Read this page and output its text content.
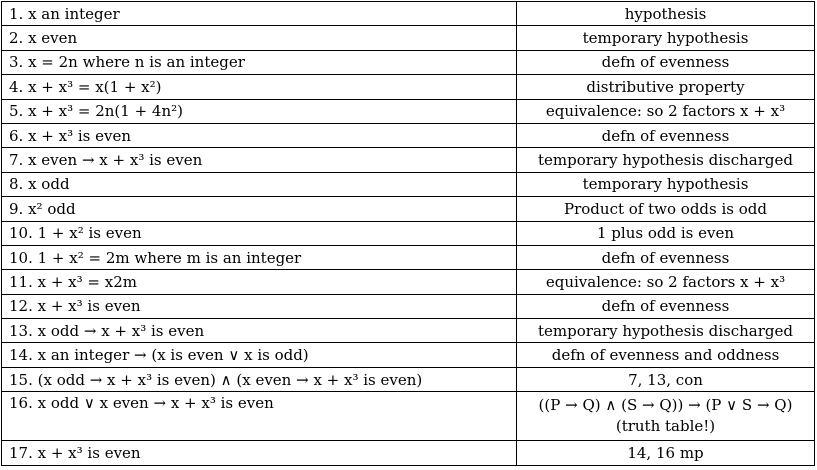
1. x an integer	hypothesis
2. x even	temporary hypothesis
3. x = 2n where n is an integer	defn of evenness
4. x + x³ = x(1 + x²)	distributive property
5. x + x³ = 2n(1 + 4n²)	equivalence: so 2 factors x + x³
6. x + x³ is even	defn of evenness
7. x even → x + x³ is even	temporary hypothesis discharged
8. x odd	temporary hypothesis
9. x² odd	Product of two odds is odd
10. 1 + x² is even	1 plus odd is even
10. 1 + x² = 2m where m is an integer	defn of evenness
11. x + x³ = x2m	equivalence: so 2 factors x + x³
12. x + x³ is even	defn of evenness
13. x odd → x + x³ is even	temporary hypothesis discharged
14. x an integer → (x is even ∨ x is odd)	defn of evenness and oddness
15. (x odd → x + x³ is even) ∧ (x even → x + x³ is even)	7, 13, con
16. x odd ∨ x even → x + x³ is even	((P → Q) ∧ (S → Q)) → (P ∨ S → Q) (truth table!)
17. x + x³ is even	14, 16 mp
